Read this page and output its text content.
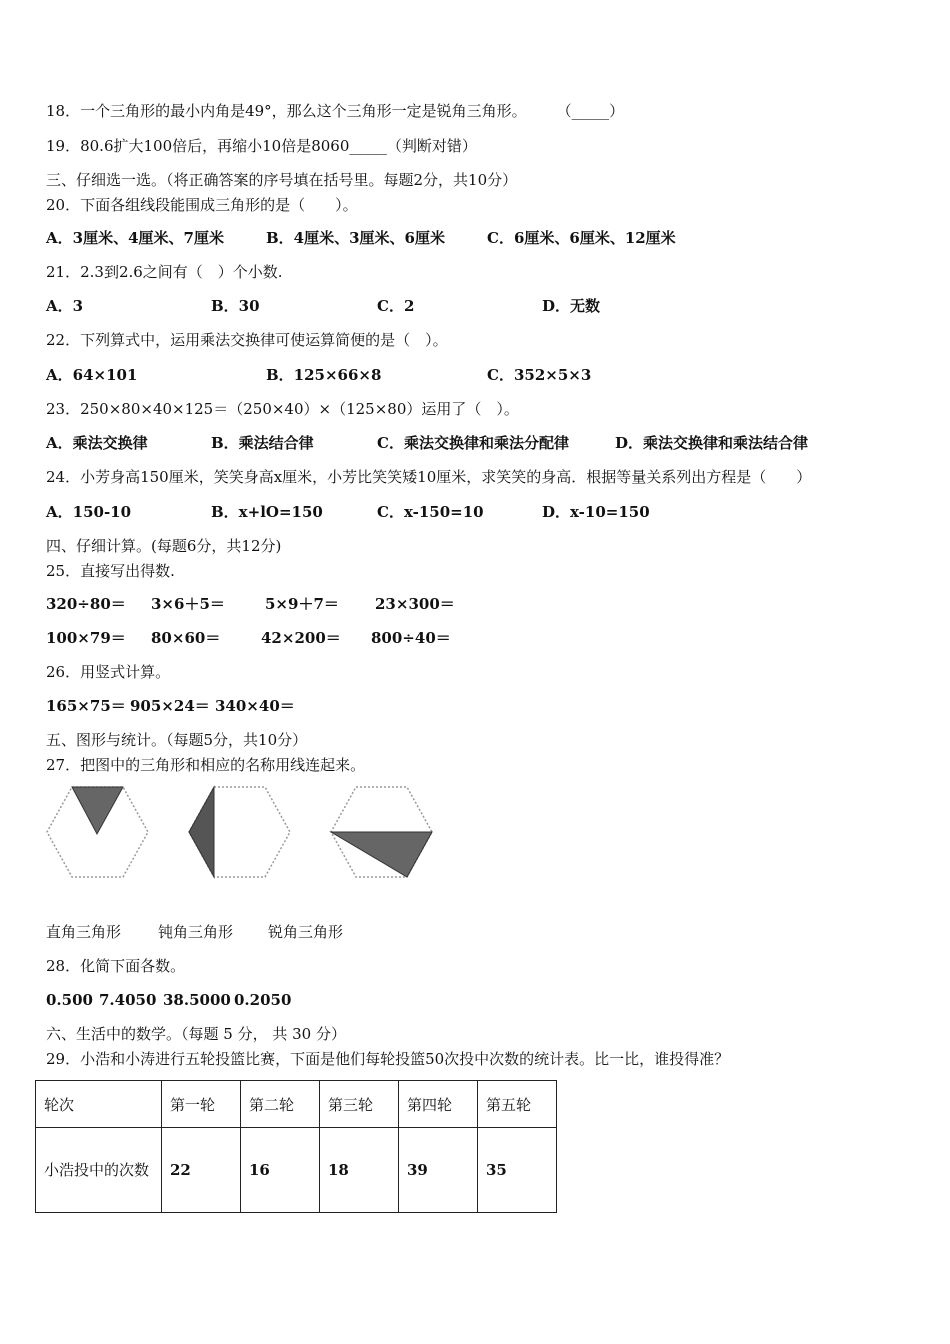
18．一个三角形的最小内角是49°，那么这个三角形一定是锐角三角形。　　　（_____）
19．80.6扩大100倍后，再缩小10倍是8060_____（判断对错）
三、仔细选一选。（将正确答案的序号填在括号里。每题2分，共10分）
20．下面各组线段能围成三角形的是（　　）。
A．3厘米、4厘米、7厘米	B．4厘米、3厘米、6厘米	C．6厘米、6厘米、12厘米
21．2.3到2.6之间有（　）个小数.
A．3	B．30	C．2	D．无数
22．下列算式中，运用乘法交换律可使运算简便的是（　）。
A．64×101	B．125×66×8	C．352×5×3
23．250×80×40×125＝（250×40）×（125×80）运用了（　）。
A．乘法交换律	B．乘法结合律	C．乘法交换律和乘法分配律	D．乘法交换律和乘法结合律
24．小芳身高150厘米，笑笑身高x厘米，小芳比笑笑矮10厘米，求笑笑的身高．根据等量关系列出方程是（　　）
A．150-10	B．x+lO=150	C．x-150=10	D．x-10=150
四、仔细计算。(每题6分，共12分)
25．直接写出得数.
320÷80＝ 3×6＋5＝	5×9＋7＝ 23×300＝
100×79＝ 80×60＝	42×200＝ 800÷40＝
26．用竖式计算。
165×75＝ 905×24＝ 340×40＝
五、图形与统计。（每题5分，共10分）
27．把图中的三角形和相应的名称用线连起来。
直角三角形 钝角三角形 锐角三角形
28．化简下面各数。
0.500 7.4050 38.5000 0.2050
六、生活中的数学。（每题 5 分， 共 30 分）
29．小浩和小涛进行五轮投篮比赛，下面是他们每轮投篮50次投中次数的统计表。比一比，谁投得准？
轮次	第一轮	第二轮	第三轮	第四轮	第五轮
小浩投中的次数	22	16	18	39	35
